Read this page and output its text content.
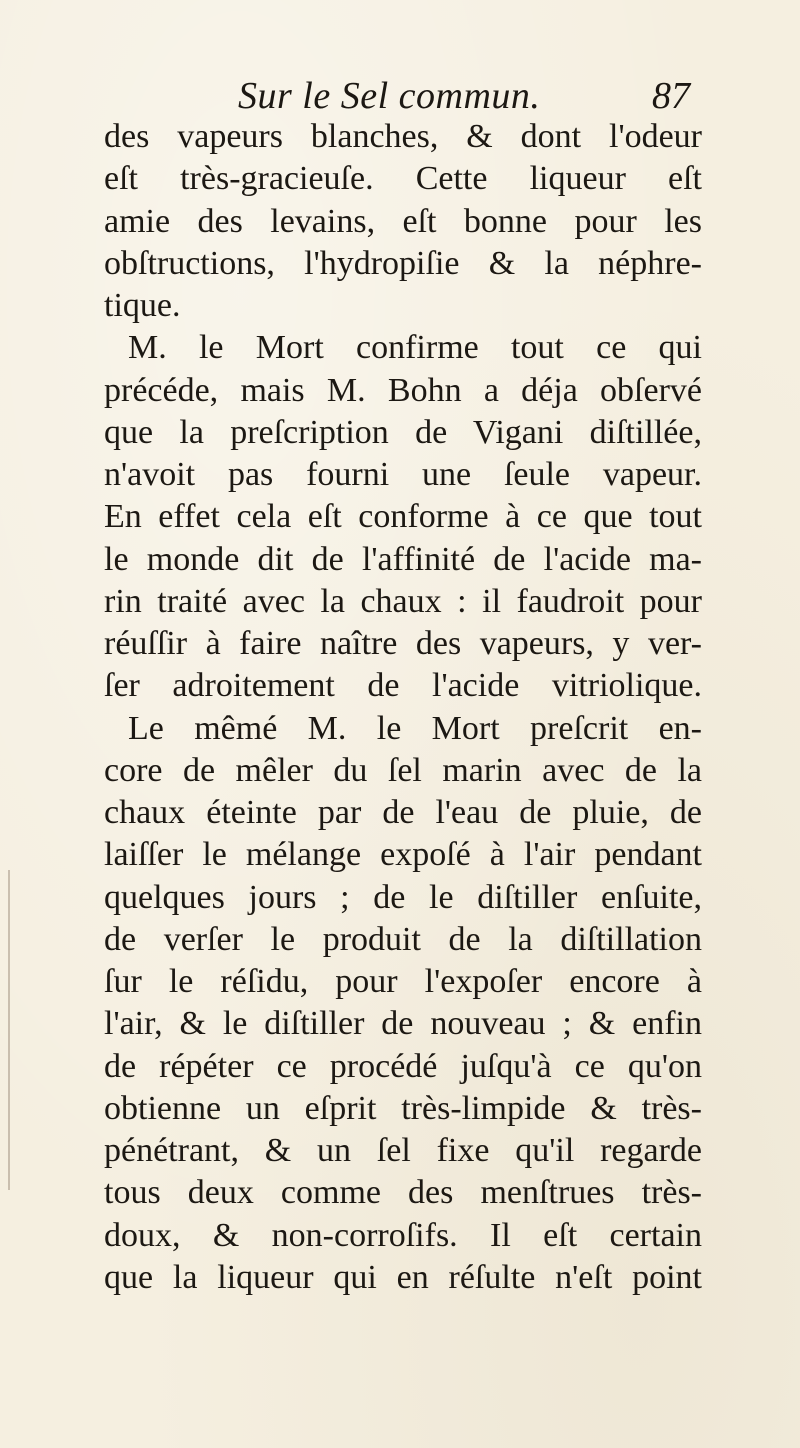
Sur le Sel commun.	87
des vapeurs blanches, & dont l'odeur
eſt très-gracieuſe. Cette liqueur eſt
amie des levains, eſt bonne pour les
obſtructions, l'hydropiſie & la néphre-
tique.
M. le Mort confirme tout ce qui
précéde, mais M. Bohn a déja obſervé
que la preſcription de Vigani diſtillée,
n'avoit pas fourni une ſeule vapeur.
En effet cela eſt conforme à ce que tout
le monde dit de l'affinité de l'acide ma-
rin traité avec la chaux : il faudroit pour
réuſſir à faire naître des vapeurs, y ver-
ſer adroitement de l'acide vitriolique.
Le mêmé M. le Mort preſcrit en-
core de mêler du ſel marin avec de la
chaux éteinte par de l'eau de pluie, de
laiſſer le mélange expoſé à l'air pendant
quelques jours ; de le diſtiller enſuite,
de verſer le produit de la diſtillation
ſur le réſidu, pour l'expoſer encore à
l'air, & le diſtiller de nouveau ; & enfin
de répéter ce procédé juſqu'à ce qu'on
obtienne un eſprit très-limpide & très-
pénétrant, & un ſel fixe qu'il regarde
tous deux comme des menſtrues très-
doux, & non-corroſifs. Il eſt certain
que la liqueur qui en réſulte n'eſt point
